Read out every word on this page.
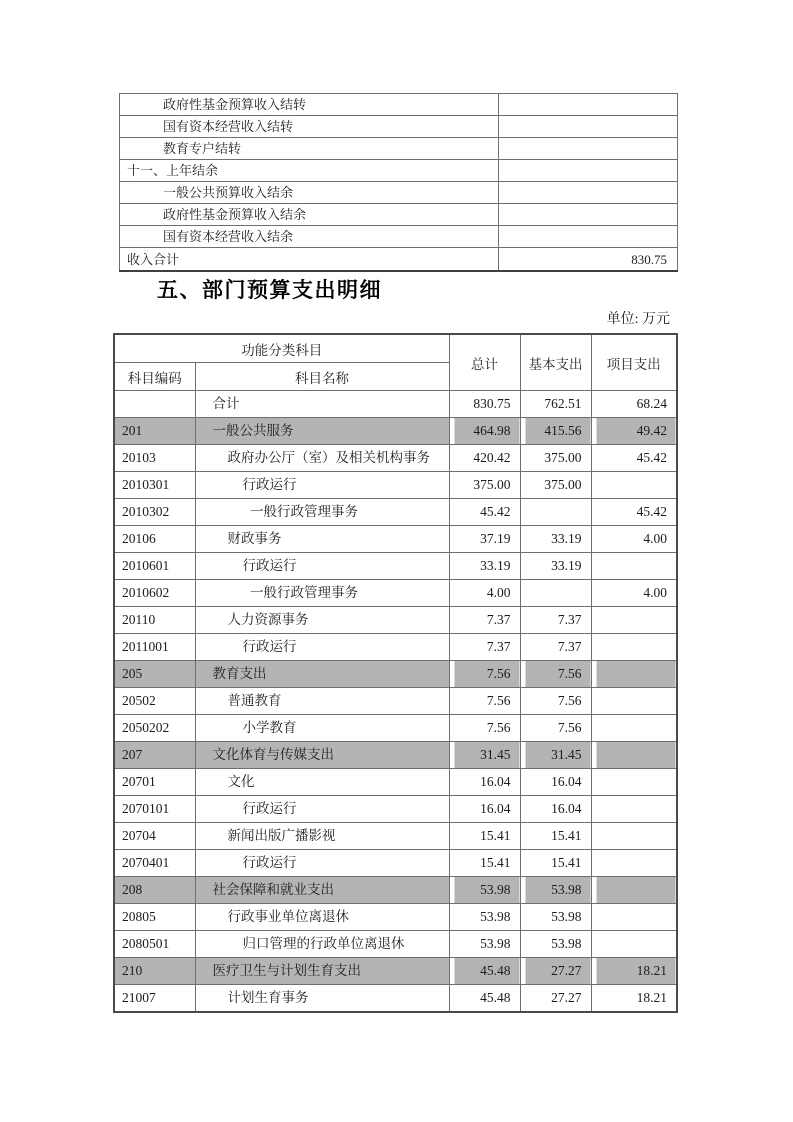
政府性基金预算收入结转	
国有资本经营收入结转	
教育专户结转	
十一、上年结余	
一般公共预算收入结余	
政府性基金预算收入结余	
国有资本经营收入结余	
收入合计	830.75
五、部门预算支出明细
单位: 万元
功能分类科目		总计	基本支出	项目支出
科目编码	科目名称			
	合计	830.75	762.51	68.24
201	一般公共服务	464.98	415.56	49.42
20103	政府办公厅（室）及相关机构事务	420.42	375.00	45.42
2010301	行政运行	375.00	375.00	
2010302	一般行政管理事务	45.42		45.42
20106	财政事务	37.19	33.19	4.00
2010601	行政运行	33.19	33.19	
2010602	一般行政管理事务	4.00		4.00
20110	人力资源事务	7.37	7.37	
2011001	行政运行	7.37	7.37	
205	教育支出	7.56	7.56	
20502	普通教育	7.56	7.56	
2050202	小学教育	7.56	7.56	
207	文化体育与传媒支出	31.45	31.45	
20701	文化	16.04	16.04	
2070101	行政运行	16.04	16.04	
20704	新闻出版广播影视	15.41	15.41	
2070401	行政运行	15.41	15.41	
208	社会保障和就业支出	53.98	53.98	
20805	行政事业单位离退休	53.98	53.98	
2080501	归口管理的行政单位离退休	53.98	53.98	
210	医疗卫生与计划生育支出	45.48	27.27	18.21
21007	计划生育事务	45.48	27.27	18.21
